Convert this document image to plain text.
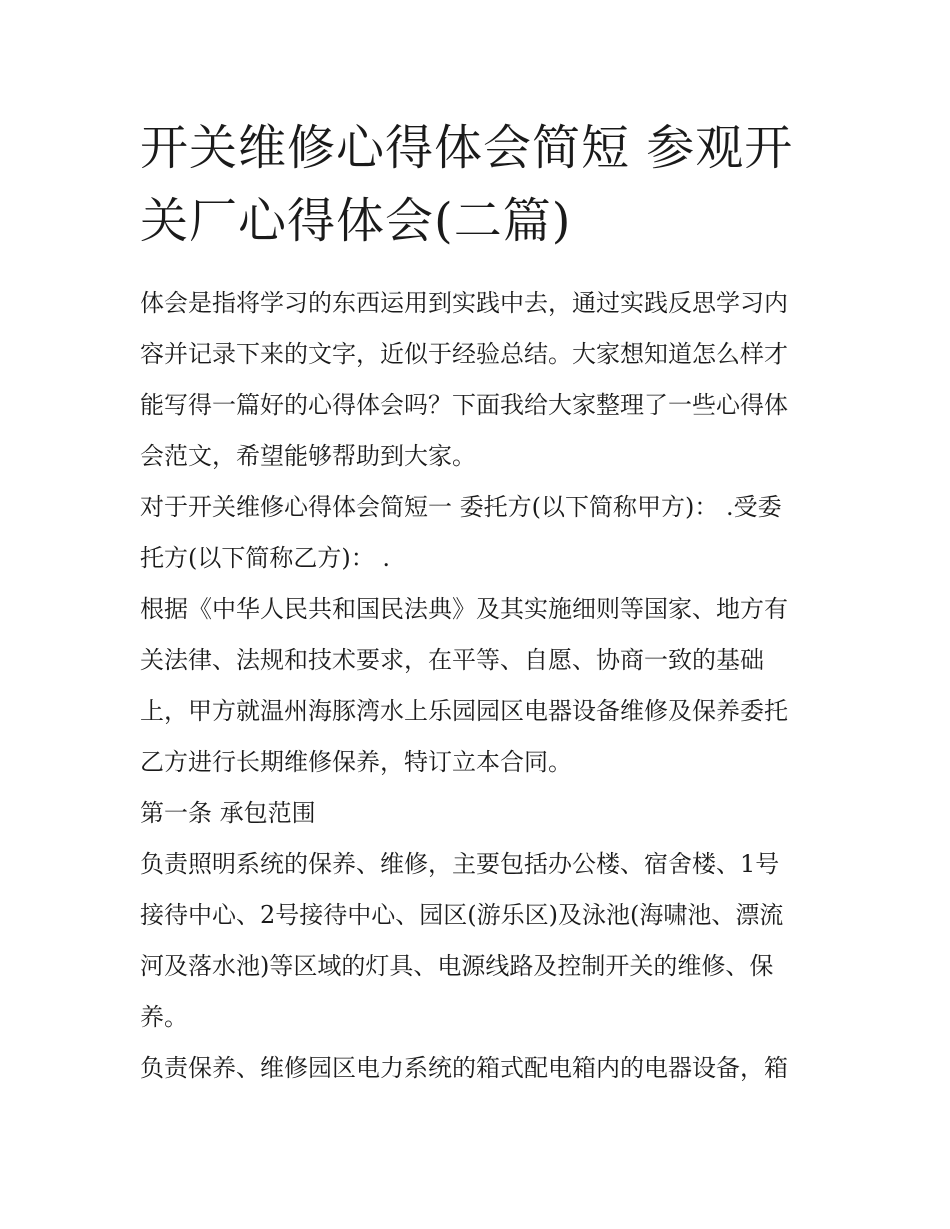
开关维修心得体会简短 参观开
关厂心得体会(二篇)
体会是指将学习的东西运用到实践中去，通过实践反思学习内
容并记录下来的文字，近似于经验总结。大家想知道怎么样才
能写得一篇好的心得体会吗？下面我给大家整理了一些心得体
会范文，希望能够帮助到大家。
对于开关维修心得体会简短一 委托方(以下简称甲方)： .受委
托方(以下简称乙方)： .
根据《中华人民共和国民法典》及其实施细则等国家、地方有
关法律、法规和技术要求，在平等、自愿、协商一致的基础
上，甲方就温州海豚湾水上乐园园区电器设备维修及保养委托
乙方进行长期维修保养，特订立本合同。
第一条 承包范围
负责照明系统的保养、维修，主要包括办公楼、宿舍楼、1号
接待中心、2号接待中心、园区(游乐区)及泳池(海啸池、漂流
河及落水池)等区域的灯具、电源线路及控制开关的维修、保
养。
负责保养、维修园区电力系统的箱式配电箱内的电器设备，箱
